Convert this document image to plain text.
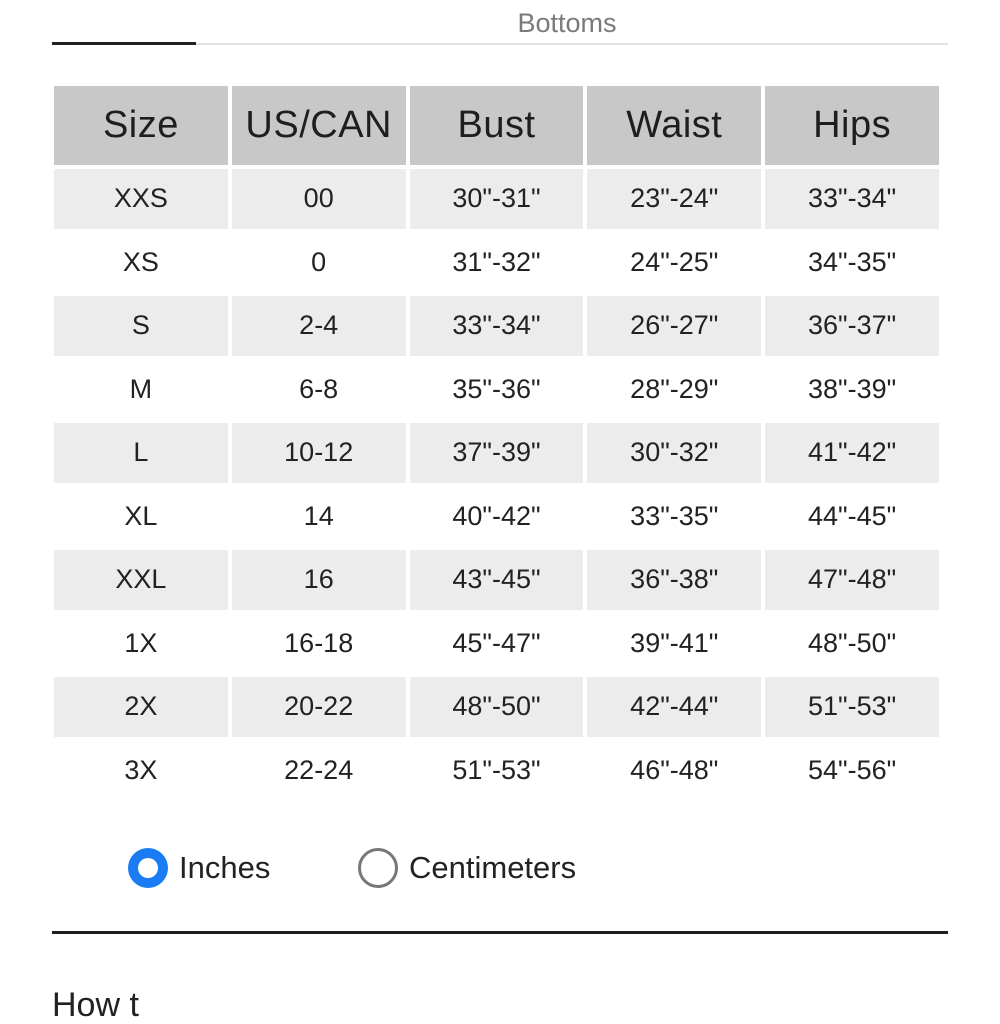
Bottoms
Size	US/CAN	Bust	Waist	Hips
XXS	00	30"-31"	23"-24"	33"-34"
XS	0	31"-32"	24"-25"	34"-35"
S	2-4	33"-34"	26"-27"	36"-37"
M	6-8	35"-36"	28"-29"	38"-39"
L	10-12	37"-39"	30"-32"	41"-42"
XL	14	40"-42"	33"-35"	44"-45"
XXL	16	43"-45"	36"-38"	47"-48"
1X	16-18	45"-47"	39"-41"	48"-50"
2X	20-22	48"-50"	42"-44"	51"-53"
3X	22-24	51"-53"	46"-48"	54"-56"
Inches	Centimeters
How t
